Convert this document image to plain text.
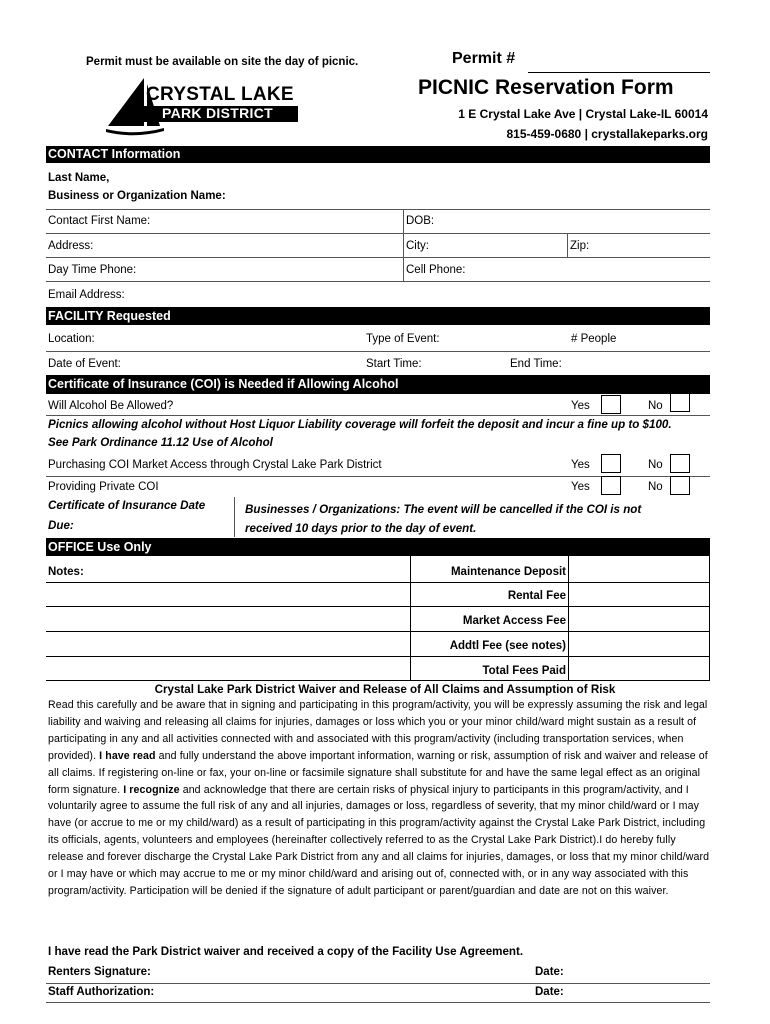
Permit must be available on site the day of picnic.	Permit #
CRYSTAL LAKE
PARK DISTRICT
PICNIC Reservation Form
1 E Crystal Lake Ave | Crystal Lake-IL 60014
815-459-0680 | crystallakeparks.org
CONTACT Information
Last Name,
Business or Organization Name:
Contact First Name:	DOB:
Address:	City:	Zip:
Day Time Phone:	Cell Phone:
Email Address:
FACILITY Requested
Location:	Type of Event:	# People
Date of Event:	Start Time:	End Time:
Certificate of Insurance (COI) is Needed if Allowing Alcohol
Will Alcohol Be Allowed?	Yes	No
Picnics allowing alcohol without Host Liquor Liability coverage will forfeit the deposit and incur a fine up to $100.
See Park Ordinance 11.12 Use of Alcohol
Purchasing COI Market Access through Crystal Lake Park District	Yes	No
Providing Private COI	Yes	No
Certificate of Insurance Date
Due:
Businesses / Organizations: The event will be cancelled if the COI is not
received 10 days prior to the day of event.
OFFICE Use Only
Notes:	Maintenance Deposit
Rental Fee
Market Access Fee
Addtl Fee (see notes)
Total Fees Paid
Crystal Lake Park District Waiver and Release of All Claims and Assumption of Risk

Read this carefully and be aware that in signing and participating in this program/activity, you will be expressly assuming the risk and legal liability and waiving and releasing all claims for injuries, damages or loss which you or your minor child/ward might sustain as a result of participating in any and all activities connected with and associated with this program/activity (including transportation services, when provided). I have read and fully understand the above important information, warning or risk, assumption of risk and waiver and release of all claims. If registering on-line or fax, your on-line or facsimile signature shall substitute for and have the same legal effect as an original form signature. I recognize and acknowledge that there are certain risks of physical injury to participants in this program/activity, and I voluntarily agree to assume the full risk of any and all injuries, damages or loss, regardless of severity, that my minor child/ward or I may have (or accrue to me or my child/ward) as a result of participating in this program/activity against the Crystal Lake Park District, including its officials, agents, volunteers and employees (hereinafter collectively referred to as the Crystal Lake Park District).I do hereby fully release and forever discharge the Crystal Lake Park District from any and all claims for injuries, damages, or loss that my minor child/ward or I may have or which may accrue to me or my minor child/ward and arising out of, connected with, or in any way associated with this program/activity. Participation will be denied if the signature of adult participant or parent/guardian and date are not on this waiver.

I have read the Park District waiver and received a copy of the Facility Use Agreement.
Renters Signature:	Date:
Staff Authorization:	Date:
